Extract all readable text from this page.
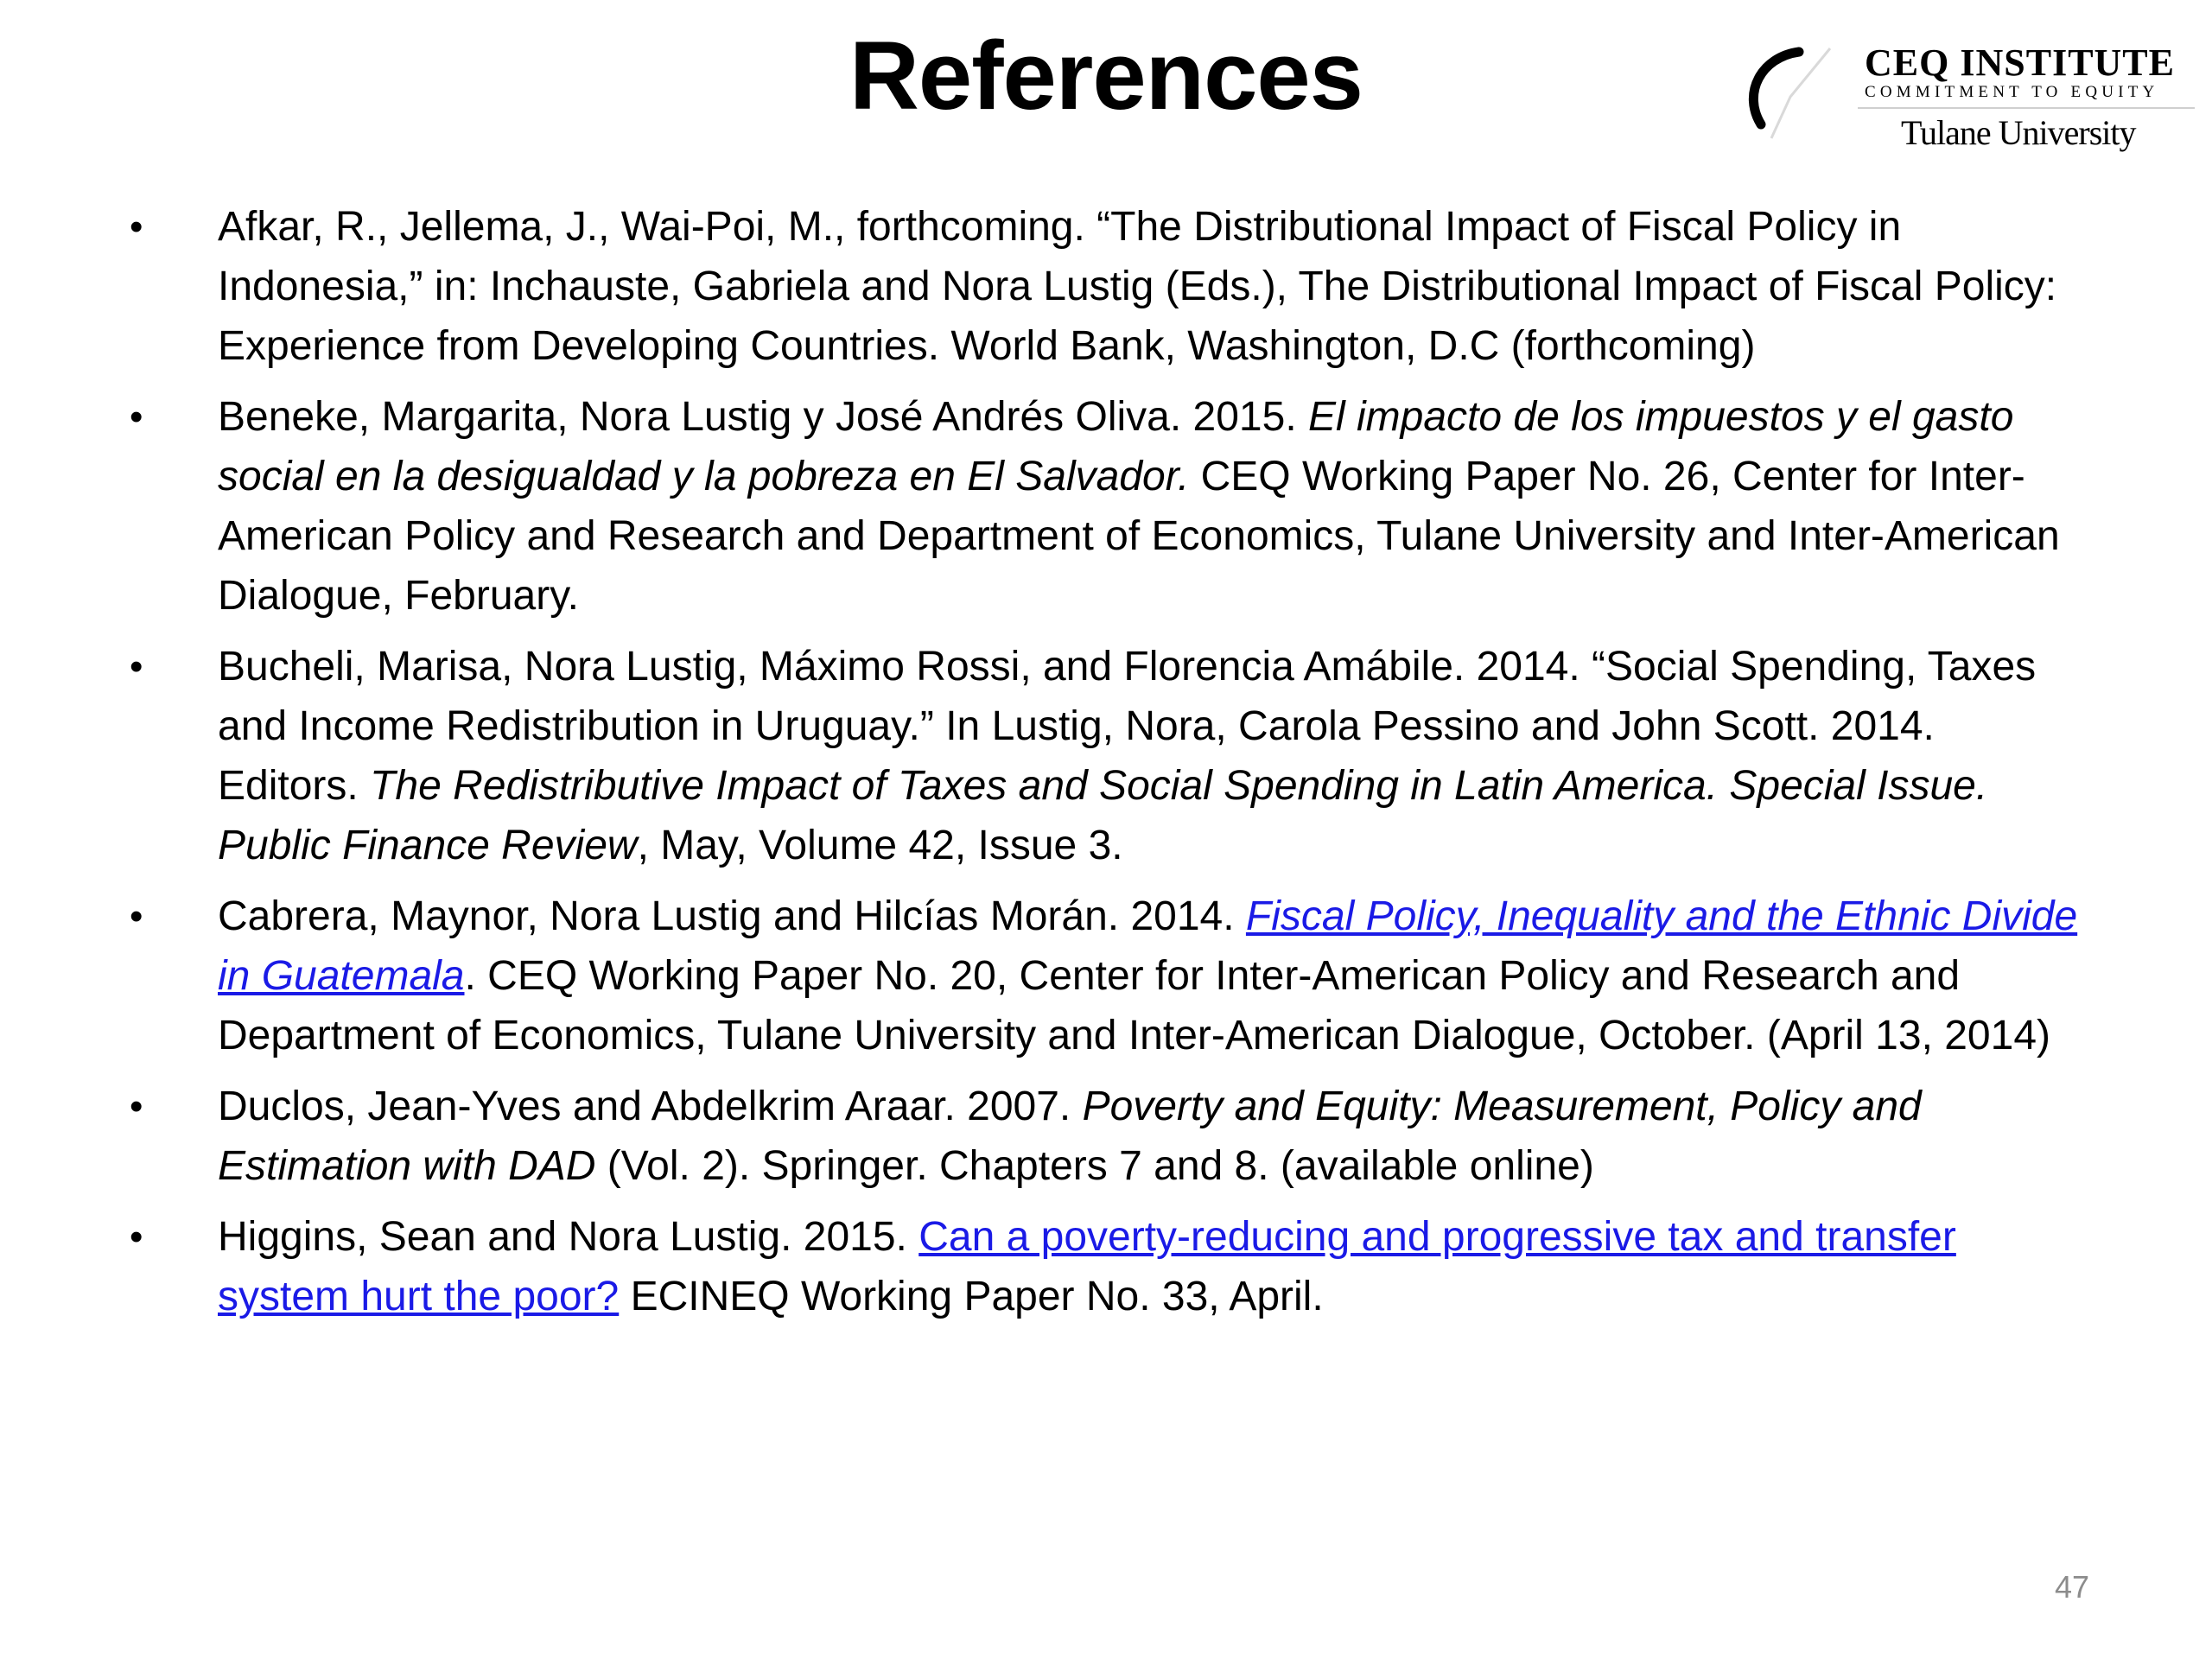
References	CEQ INSTITUTE
COMMITMENT TO EQUITY
Tulane University
• Afkar, R., Jellema, J., Wai-Poi, M., forthcoming. “The Distributional Impact of Fiscal Policy in Indonesia,” in: Inchauste, Gabriela and Nora Lustig (Eds.), The Distributional Impact of Fiscal Policy: Experience from Developing Countries. World Bank, Washington, D.C (forthcoming)
• Beneke, Margarita, Nora Lustig y José Andrés Oliva. 2015. El impacto de los impuestos y el gasto social en la desigualdad y la pobreza en El Salvador. CEQ Working Paper No. 26, Center for Inter-American Policy and Research and Department of Economics, Tulane University and Inter-American Dialogue, February.
• Bucheli, Marisa, Nora Lustig, Máximo Rossi, and Florencia Amábile. 2014. “Social Spending, Taxes and Income Redistribution in Uruguay.” In Lustig, Nora, Carola Pessino and John Scott. 2014. Editors. The Redistributive Impact of Taxes and Social Spending in Latin America. Special Issue. Public Finance Review, May, Volume 42, Issue 3.
• Cabrera, Maynor, Nora Lustig and Hilcías Morán. 2014. Fiscal Policy, Inequality and the Ethnic Divide in Guatemala. CEQ Working Paper No. 20, Center for Inter-American Policy and Research and Department of Economics, Tulane University and Inter-American Dialogue, October. (April 13, 2014)
• Duclos, Jean-Yves and Abdelkrim Araar. 2007. Poverty and Equity: Measurement, Policy and Estimation with DAD (Vol. 2). Springer. Chapters 7 and 8. (available online)
• Higgins, Sean and Nora Lustig. 2015. Can a poverty-reducing and progressive tax and transfer system hurt the poor? ECINEQ Working Paper No. 33, April.
47
